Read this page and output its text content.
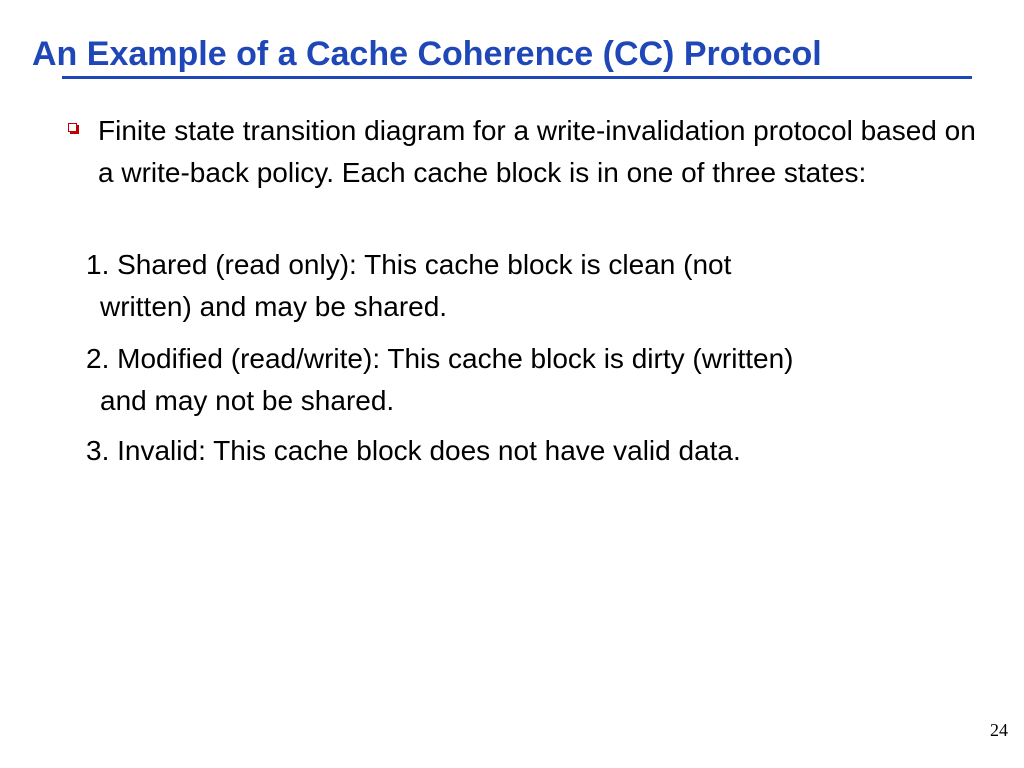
An Example of a Cache Coherence (CC) Protocol

Finite state transition diagram for a write-invalidation protocol based on a write-back policy. Each cache block is in one of three states:

1. Shared (read only): This cache block is clean (not
written) and may be shared.

2. Modified (read/write): This cache block is dirty (written)
and may not be shared.

3. Invalid: This cache block does not have valid data.

24
